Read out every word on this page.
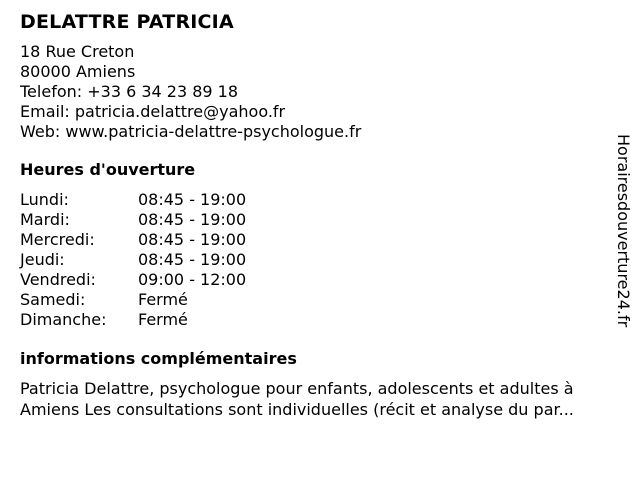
DELATTRE PATRICIA
18 Rue Creton
80000 Amiens
Telefon: +33 6 34 23 89 18
Email: patricia.delattre@yahoo.fr
Web: www.patricia-delattre-psychologue.fr
Heures d'ouverture
Lundi:	08:45 - 19:00
Mardi:	08:45 - 19:00
Mercredi:	08:45 - 19:00
Jeudi:	08:45 - 19:00
Vendredi:	09:00 - 12:00
Samedi:	Fermé
Dimanche:	Fermé
informations complémentaires
Patricia Delattre, psychologue pour enfants, adolescents et adultes à
Amiens Les consultations sont individuelles (récit et analyse du par...
Horairesdouverture24.fr
